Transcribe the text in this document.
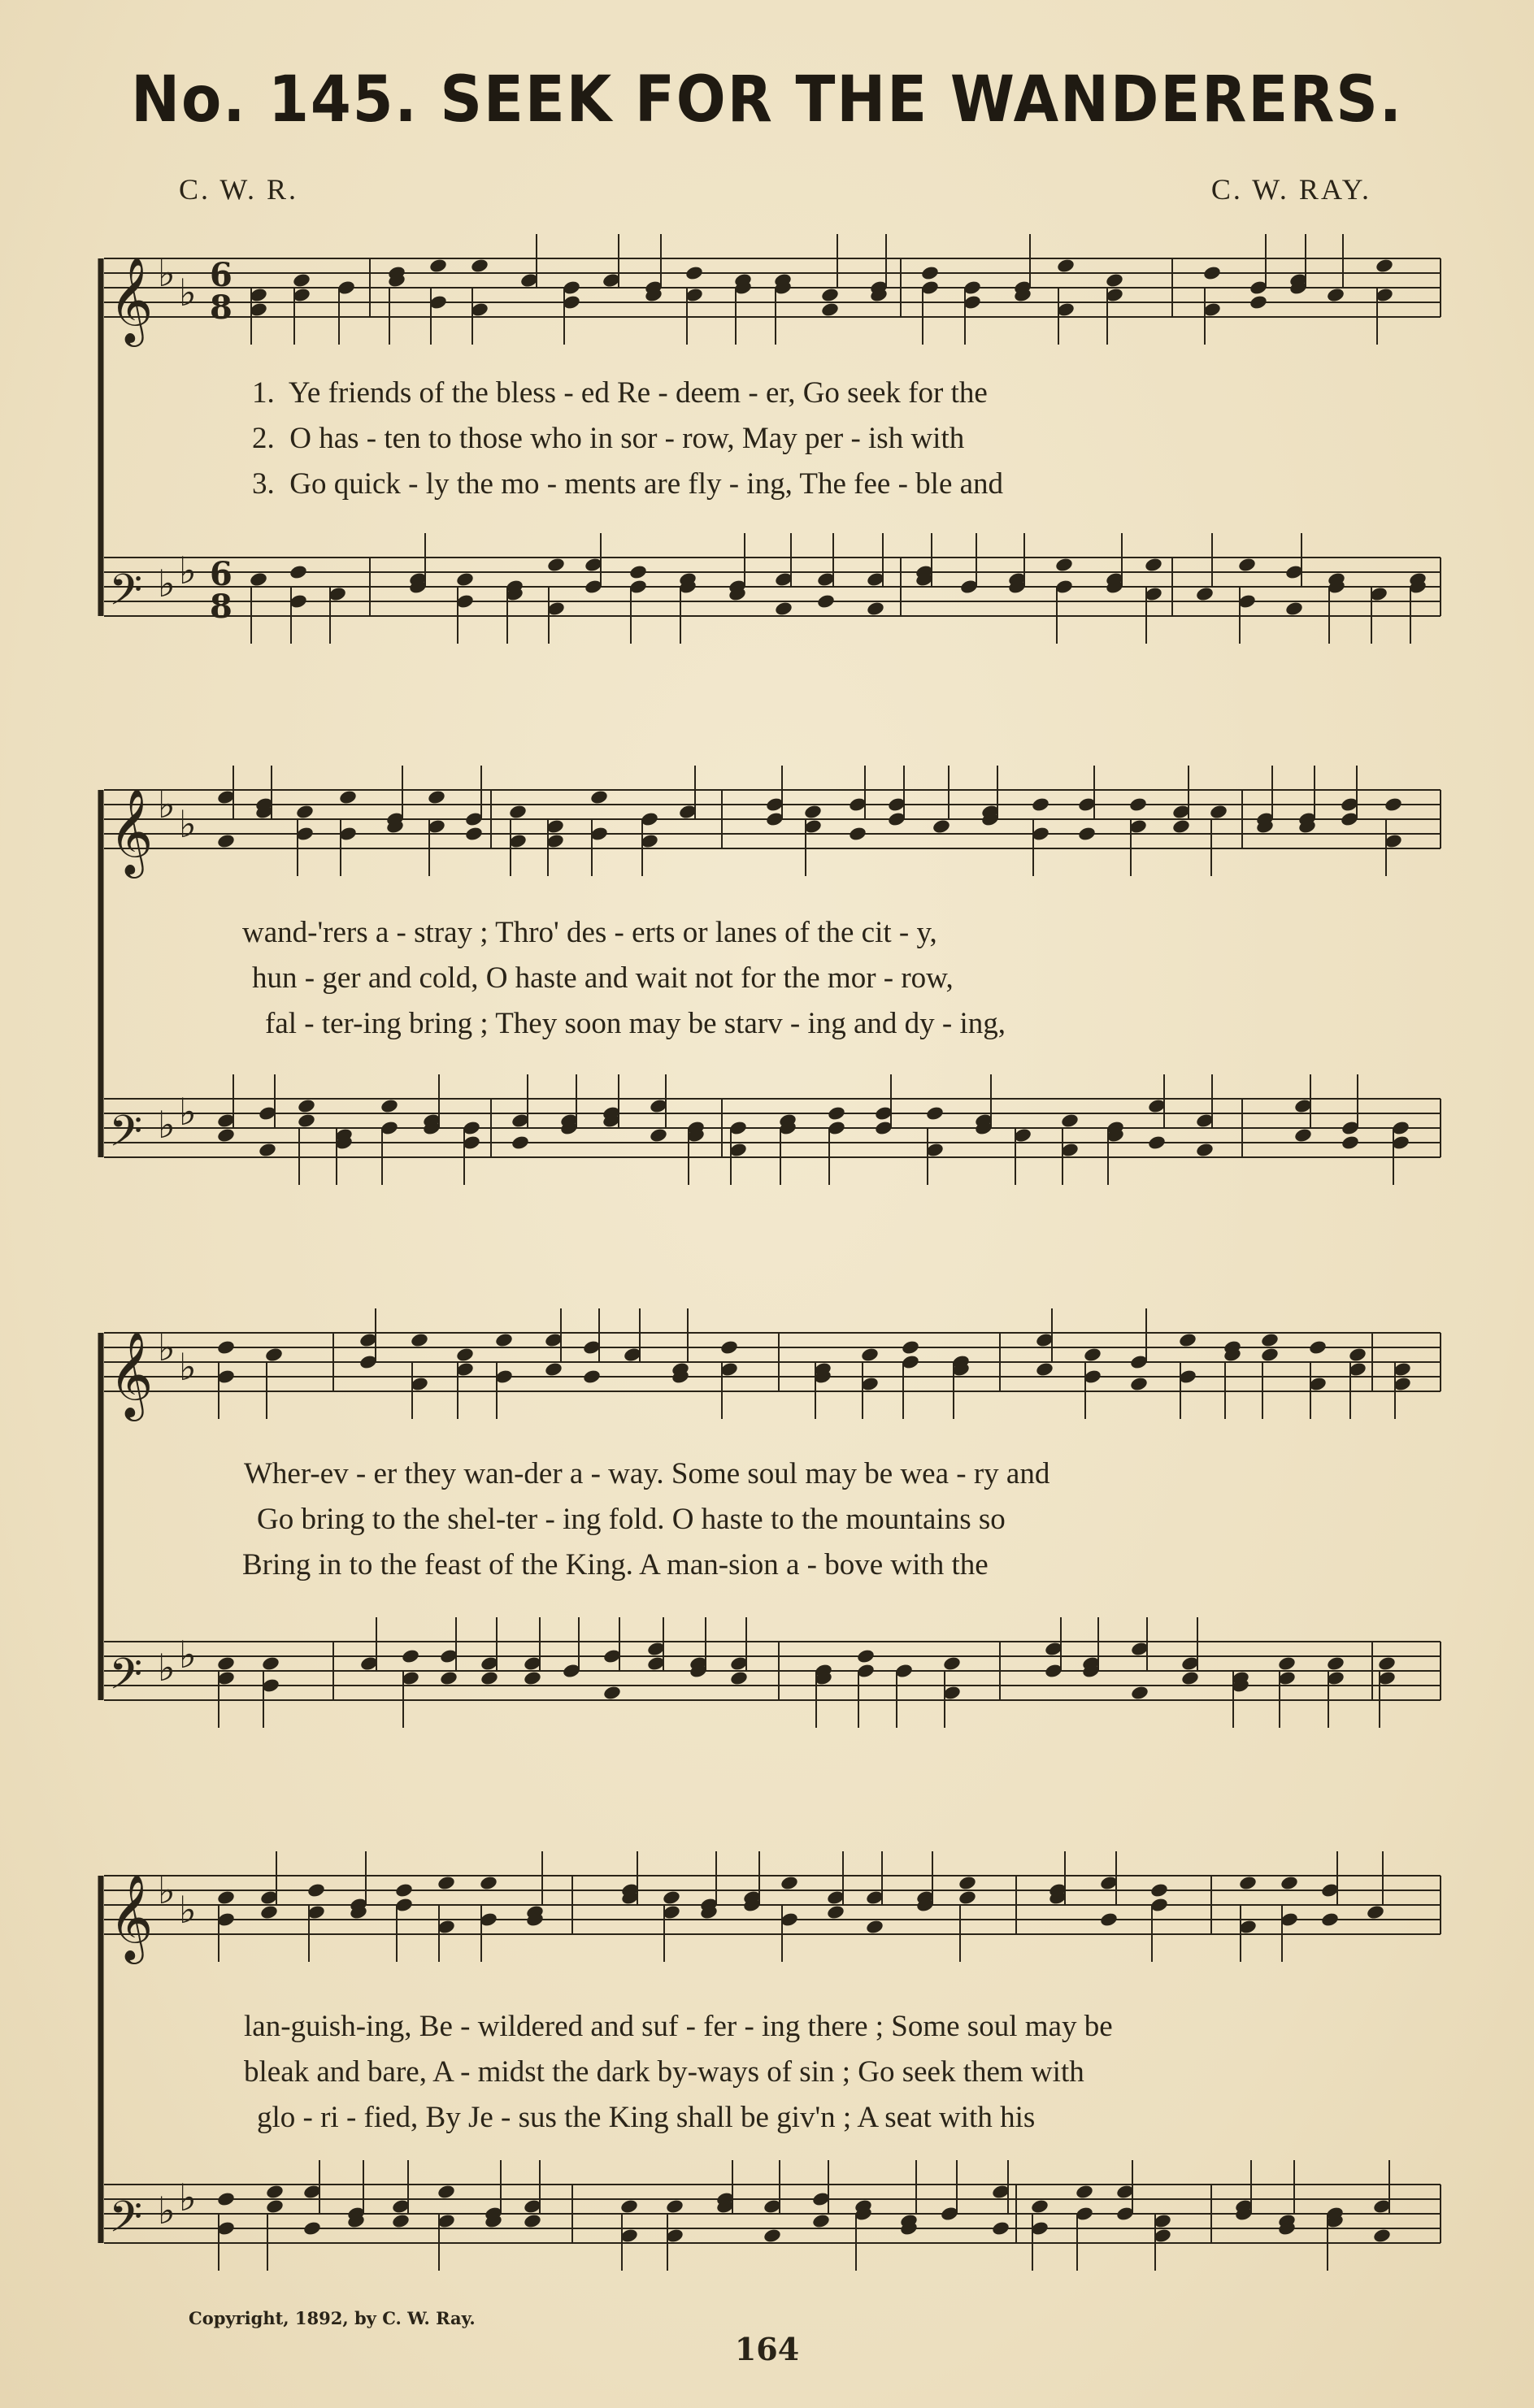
No. 145. SEEK FOR THE WANDERERS.
C. W. R.	C. W. RAY.
𝄞 ♭ ♭ 6
8
𝄢 ♭ ♭ 6
8
𝄞 ♭ ♭
𝄢 ♭ ♭
𝄞 ♭ ♭
𝄢 ♭ ♭
𝄞 ♭ ♭
𝄢 ♭ ♭
1.  Ye friends of the bless - ed Re - deem - er, Go seek for the
2.  O has - ten to those who in sor - row, May per - ish with
3.  Go quick - ly the mo - ments are fly - ing, The fee - ble and
wand-'rers a - stray ; Thro' des - erts or lanes of the cit - y,
hun - ger and cold, O haste and wait not for the mor - row,
fal - ter-ing bring ; They soon may be starv - ing and dy - ing,
Wher-ev - er they wan-der a - way. Some soul may be wea - ry and
Go bring to the shel-ter - ing fold. O haste to the mountains so
Bring in to the feast of the King. A man-sion a - bove with the
lan-guish-ing, Be - wildered and suf - fer - ing there ; Some soul may be
bleak and bare, A - midst the dark by-ways of sin ; Go seek them with
glo - ri - fied, By Je - sus the King shall be giv'n ; A seat with his
Copyright, 1892, by C. W. Ray.
164
